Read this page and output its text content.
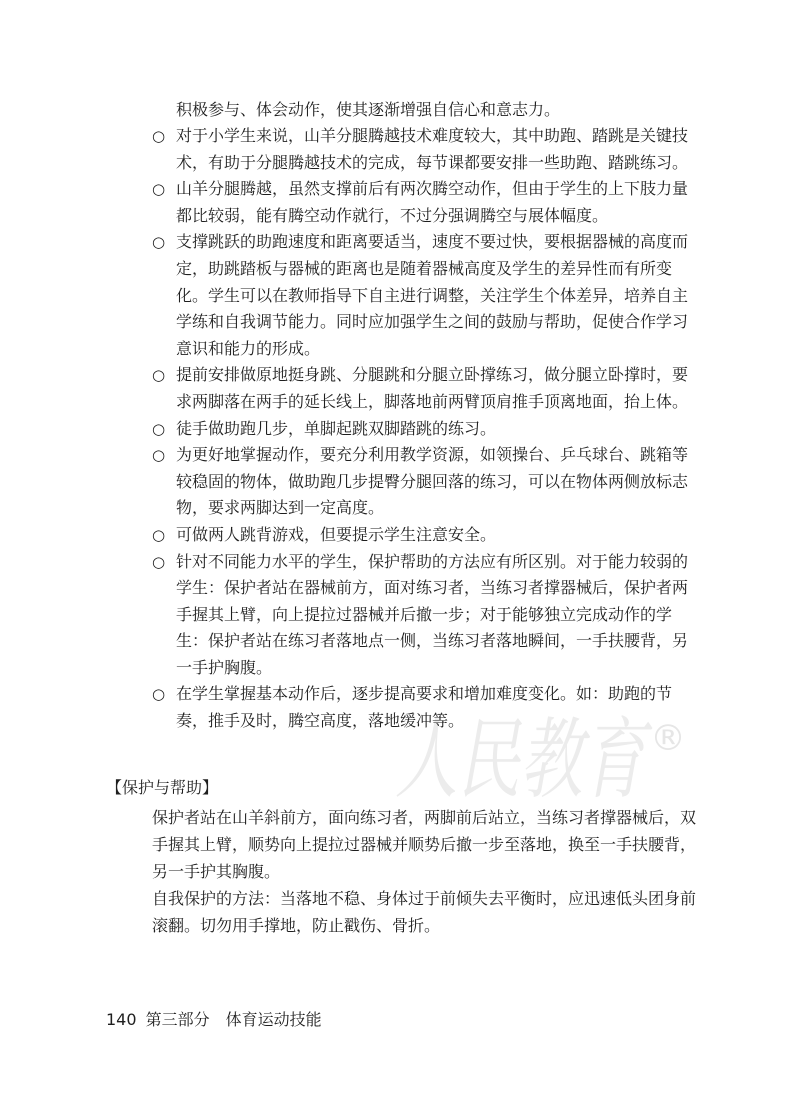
人民教育
®

积极参与、体会动作，使其逐渐增强自信心和意志力。

○ 对于小学生来说，山羊分腿腾越技术难度较大，其中助跑、踏跳是关键技术，有助于分腿腾越技术的完成，每节课都要安排一些助跑、踏跳练习。
○ 山羊分腿腾越，虽然支撑前后有两次腾空动作，但由于学生的上下肢力量都比较弱，能有腾空动作就行，不过分强调腾空与展体幅度。
○ 支撑跳跃的助跑速度和距离要适当，速度不要过快，要根据器械的高度而定，助跳踏板与器械的距离也是随着器械高度及学生的差异性而有所变化。学生可以在教师指导下自主进行调整，关注学生个体差异，培养自主学练和自我调节能力。同时应加强学生之间的鼓励与帮助，促使合作学习意识和能力的形成。
○ 提前安排做原地挺身跳、分腿跳和分腿立卧撑练习，做分腿立卧撑时，要求两脚落在两手的延长线上，脚落地前两臂顶肩推手顶离地面，抬上体。
○ 徒手做助跑几步，单脚起跳双脚踏跳的练习。
○ 为更好地掌握动作，要充分利用教学资源，如领操台、乒乓球台、跳箱等较稳固的物体，做助跑几步提臀分腿回落的练习，可以在物体两侧放标志物，要求两脚达到一定高度。
○ 可做两人跳背游戏，但要提示学生注意安全。
○ 针对不同能力水平的学生，保护帮助的方法应有所区别。对于能力较弱的学生：保护者站在器械前方，面对练习者，当练习者撑器械后，保护者两手握其上臂，向上提拉过器械并后撤一步；对于能够独立完成动作的学生：保护者站在练习者落地点一侧，当练习者落地瞬间，一手扶腰背，另一手护胸腹。
○ 在学生掌握基本动作后，逐步提高要求和增加难度变化。如：助跑的节奏，推手及时，腾空高度，落地缓冲等。
【保护与帮助】

保护者站在山羊斜前方，面向练习者，两脚前后站立，当练习者撑器械后，双手握其上臂，顺势向上提拉过器械并顺势后撤一步至落地，换至一手扶腰背，另一手护其胸腹。

自我保护的方法：当落地不稳、身体过于前倾失去平衡时，应迅速低头团身前滚翻。切勿用手撑地，防止戳伤、骨折。

140 第三部分　体育运动技能
